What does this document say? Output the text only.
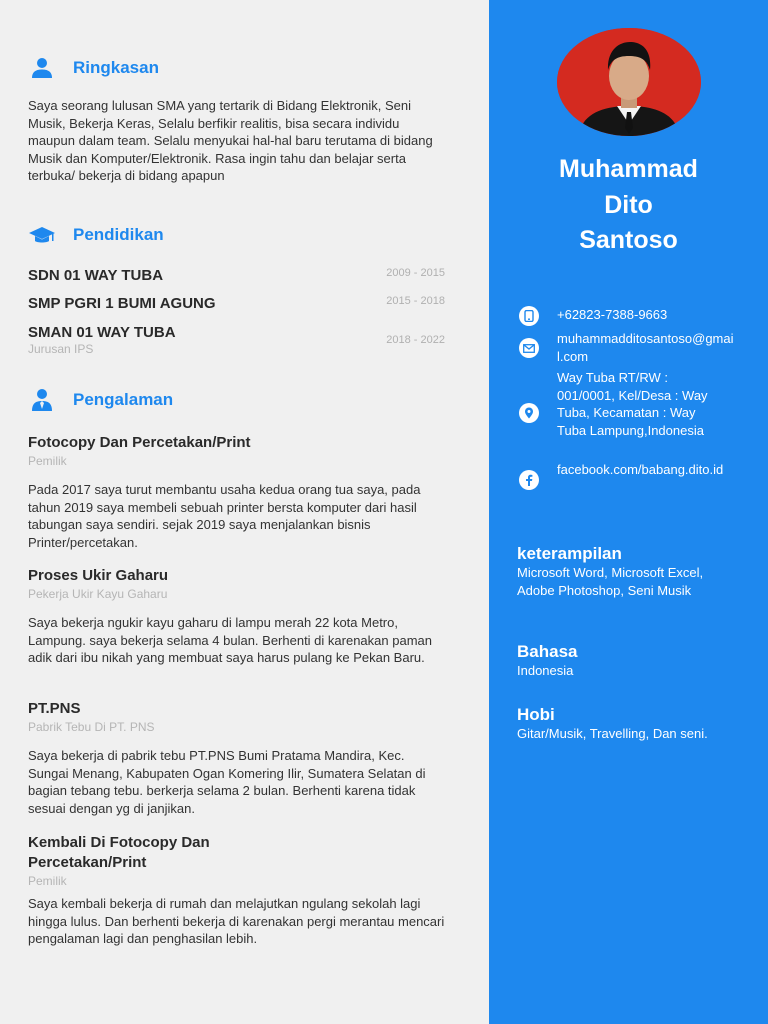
Ringkasan
Saya seorang lulusan SMA yang tertarik di Bidang Elektronik, Seni Musik, Bekerja Keras, Selalu berfikir realitis, bisa secara individu maupun dalam team. Selalu menyukai hal-hal baru terutama di bidang Musik dan Komputer/Elektronik. Rasa ingin tahu dan belajar serta terbuka/ bekerja di bidang apapun
Pendidikan
SDN 01 WAY TUBA	2009 - 2015
SMP PGRI 1 BUMI AGUNG	2015 - 2018
SMAN 01 WAY TUBA	2018 - 2022
Jurusan IPS
Pengalaman
Fotocopy Dan Percetakan/Print
Pemilik
Pada 2017 saya turut membantu usaha kedua orang tua saya, pada tahun 2019 saya membeli sebuah printer bersta komputer dari hasil tabungan saya sendiri. sejak 2019 saya menjalankan bisnis Printer/percetakan.
Proses Ukir Gaharu
Pekerja Ukir Kayu Gaharu
Saya bekerja ngukir kayu gaharu di lampu merah 22 kota Metro, Lampung. saya bekerja selama 4 bulan. Berhenti di karenakan paman adik dari ibu nikah yang membuat saya harus pulang ke Pekan Baru.
PT.PNS
Pabrik Tebu Di PT. PNS
Saya bekerja di pabrik tebu PT.PNS Bumi Pratama Mandira, Kec. Sungai Menang, Kabupaten Ogan Komering Ilir, Sumatera Selatan di bagian tebang tebu. berkerja selama 2 bulan. Berhenti karena tidak sesuai dengan yg di janjikan.
Kembali Di Fotocopy Dan Percetakan/Print
Pemilik
Saya kembali bekerja di rumah dan melajutkan ngulang sekolah lagi hingga lulus. Dan berhenti bekerja di karenakan pergi merantau mencari pengalaman lagi dan penghasilan lebih.
Muhammad
Dito
Santoso
+62823-7388-9663
muhammadditosantoso@gmail.com
Way Tuba RT/RW : 001/0001, Kel/Desa : Way Tuba, Kecamatan : Way Tuba Lampung,Indonesia
facebook.com/babang.dito.id
keterampilan
Microsoft Word, Microsoft Excel, Adobe Photoshop, Seni Musik
Bahasa
Indonesia
Hobi
Gitar/Musik, Travelling, Dan seni.
